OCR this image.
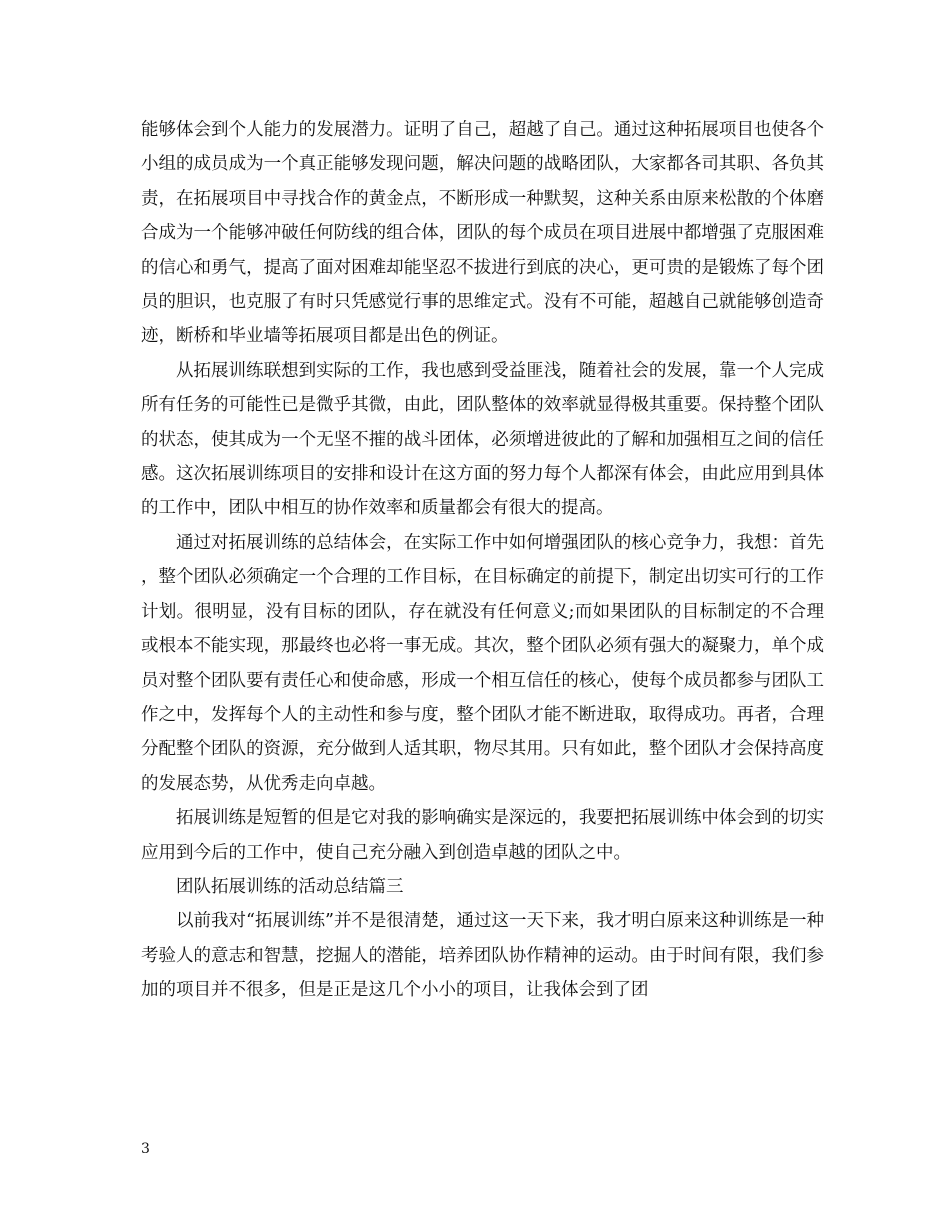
能够体会到个人能力的发展潜力。证明了自己，超越了自己。通过这种拓展项目也使各个小组的成员成为一个真正能够发现问题，解决问题的战略团队，大家都各司其职、各负其责，在拓展项目中寻找合作的黄金点，不断形成一种默契，这种关系由原来松散的个体磨合成为一个能够冲破任何防线的组合体，团队的每个成员在项目进展中都增强了克服困难的信心和勇气，提高了面对困难却能坚忍不拔进行到底的决心，更可贵的是锻炼了每个团员的胆识，也克服了有时只凭感觉行事的思维定式。没有不可能，超越自己就能够创造奇迹，断桥和毕业墙等拓展项目都是出色的例证。

从拓展训练联想到实际的工作，我也感到受益匪浅，随着社会的发展，靠一个人完成所有任务的可能性已是微乎其微，由此，团队整体的效率就显得极其重要。保持整个团队的状态，使其成为一个无坚不摧的战斗团体，必须增进彼此的了解和加强相互之间的信任感。这次拓展训练项目的安排和设计在这方面的努力每个人都深有体会，由此应用到具体的工作中，团队中相互的协作效率和质量都会有很大的提高。

通过对拓展训练的总结体会，在实际工作中如何增强团队的核心竞争力，我想：首先，整个团队必须确定一个合理的工作目标，在目标确定的前提下，制定出切实可行的工作计划。很明显，没有目标的团队，存在就没有任何意义;而如果团队的目标制定的不合理或根本不能实现，那最终也必将一事无成。其次，整个团队必须有强大的凝聚力，单个成员对整个团队要有责任心和使命感，形成一个相互信任的核心，使每个成员都参与团队工作之中，发挥每个人的主动性和参与度，整个团队才能不断进取，取得成功。再者，合理分配整个团队的资源，充分做到人适其职，物尽其用。只有如此，整个团队才会保持高度的发展态势，从优秀走向卓越。

拓展训练是短暂的但是它对我的影响确实是深远的，我要把拓展训练中体会到的切实应用到今后的工作中，使自己充分融入到创造卓越的团队之中。

团队拓展训练的活动总结篇三

以前我对“拓展训练”并不是很清楚，通过这一天下来，我才明白原来这种训练是一种考验人的意志和智慧，挖掘人的潜能，培养团队协作精神的运动。由于时间有限，我们参加的项目并不很多，但是正是这几个小小的项目，让我体会到了团

3
